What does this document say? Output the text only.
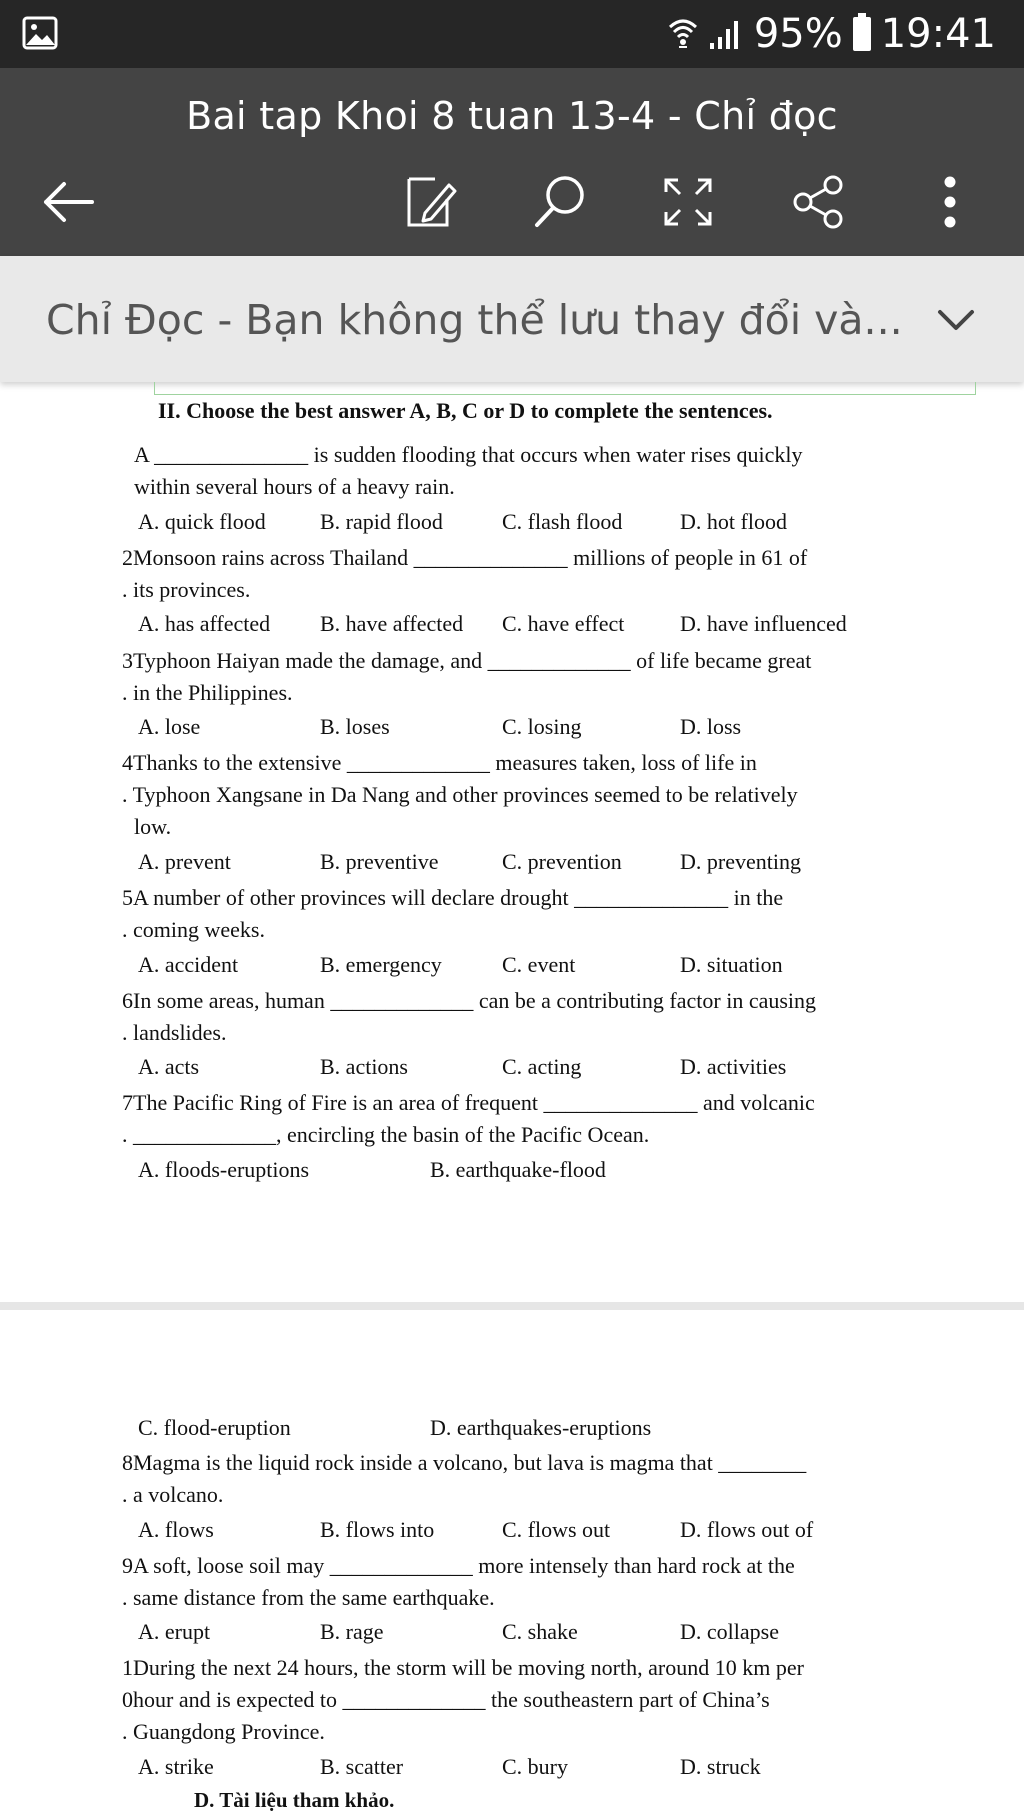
95% 19:41
Bai tap Khoi 8 tuan 13-4 - Chỉ đọc
Chỉ Đọc - Bạn không thể lưu thay đổi và...
II. Choose the best answer A, B, C or D to complete the sentences.
A ______________ is sudden flooding that occurs when water rises quickly
within several hours of a heavy rain.
A. quick flood B. rapid flood	C. flash flood	D. hot flood
2Monsoon rains across Thailand ______________ millions of people in 61 of
. its provinces.
A. has affected B. have affected C. have effect	D. have influenced
3Typhoon Haiyan made the damage, and _____________ of life became great
. in the Philippines.
A. lose	B. loses	C. losing	D. loss
4Thanks to the extensive _____________ measures taken, loss of life in
. Typhoon Xangsane in Da Nang and other provinces seemed to be relatively
low.
A. prevent	B. preventive	C. prevention	D. preventing
5A number of other provinces will declare drought ______________ in the
. coming weeks.
A. accident	B. emergency	C. event	D. situation
6In some areas, human _____________ can be a contributing factor in causing
. landslides.
A. acts	B. actions	C. acting	D. activities
7The Pacific Ring of Fire is an area of frequent ______________ and volcanic
. _____________, encircling the basin of the Pacific Ocean.
A. floods-eruptions	B. earthquake-flood
C. flood-eruption	D. earthquakes-eruptions
8Magma is the liquid rock inside a volcano, but lava is magma that ________
. a volcano.
A. flows	B. flows into	C. flows out	D. flows out of
9A soft, loose soil may _____________ more intensely than hard rock at the
. same distance from the same earthquake.
A. erupt	B. rage	C. shake	D. collapse
1During the next 24 hours, the storm will be moving north, around 10 km per
0hour and is expected to _____________ the southeastern part of China’s
. Guangdong Province.
A. strike	B. scatter	C. bury	D. struck
D. Tài liệu tham khảo.
